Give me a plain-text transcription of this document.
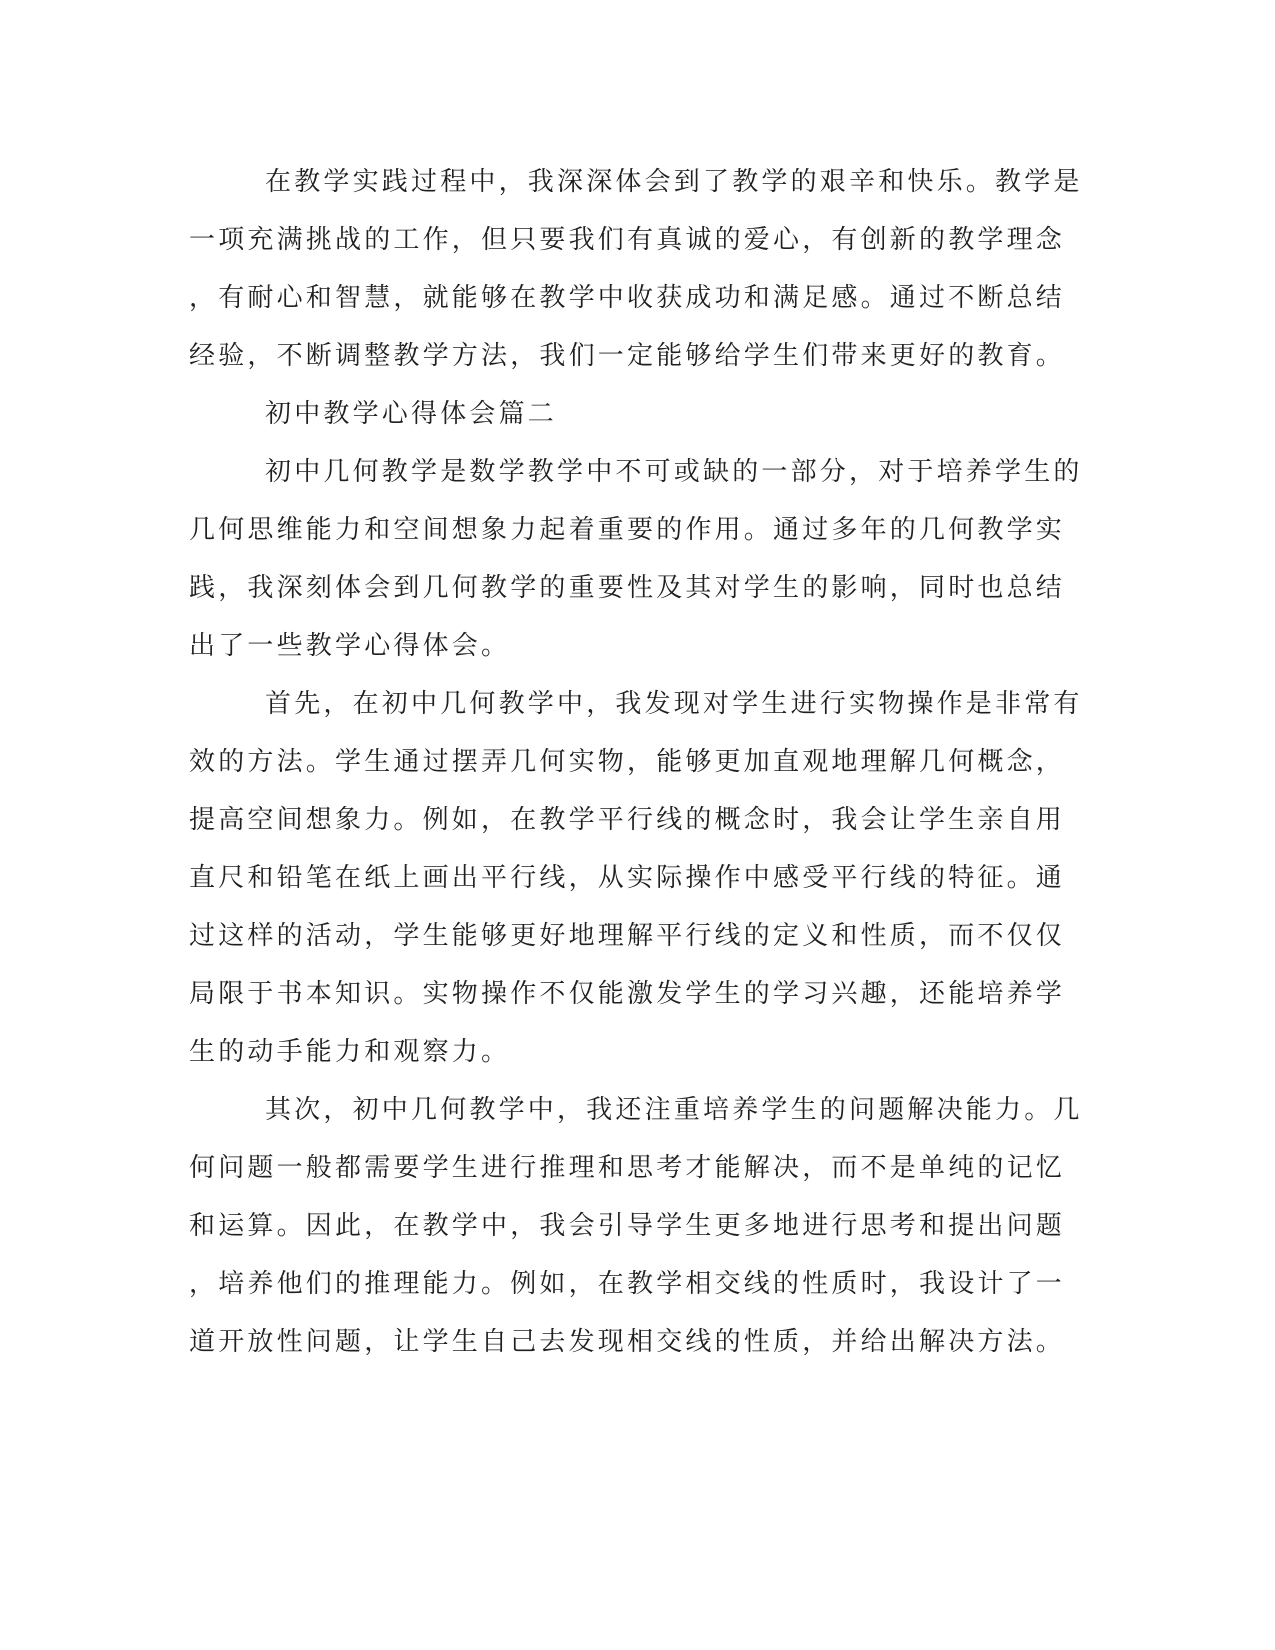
在教学实践过程中，我深深体会到了教学的艰辛和快乐。教学是

一项充满挑战的工作，但只要我们有真诚的爱心，有创新的教学理念

，有耐心和智慧，就能够在教学中收获成功和满足感。通过不断总结

经验，不断调整教学方法，我们一定能够给学生们带来更好的教育。

初中教学心得体会篇二

初中几何教学是数学教学中不可或缺的一部分，对于培养学生的

几何思维能力和空间想象力起着重要的作用。通过多年的几何教学实

践，我深刻体会到几何教学的重要性及其对学生的影响，同时也总结

出了一些教学心得体会。

首先，在初中几何教学中，我发现对学生进行实物操作是非常有

效的方法。学生通过摆弄几何实物，能够更加直观地理解几何概念，

提高空间想象力。例如，在教学平行线的概念时，我会让学生亲自用

直尺和铅笔在纸上画出平行线，从实际操作中感受平行线的特征。通

过这样的活动，学生能够更好地理解平行线的定义和性质，而不仅仅

局限于书本知识。实物操作不仅能激发学生的学习兴趣，还能培养学

生的动手能力和观察力。

其次，初中几何教学中，我还注重培养学生的问题解决能力。几

何问题一般都需要学生进行推理和思考才能解决，而不是单纯的记忆

和运算。因此，在教学中，我会引导学生更多地进行思考和提出问题

，培养他们的推理能力。例如，在教学相交线的性质时，我设计了一

道开放性问题，让学生自己去发现相交线的性质，并给出解决方法。
